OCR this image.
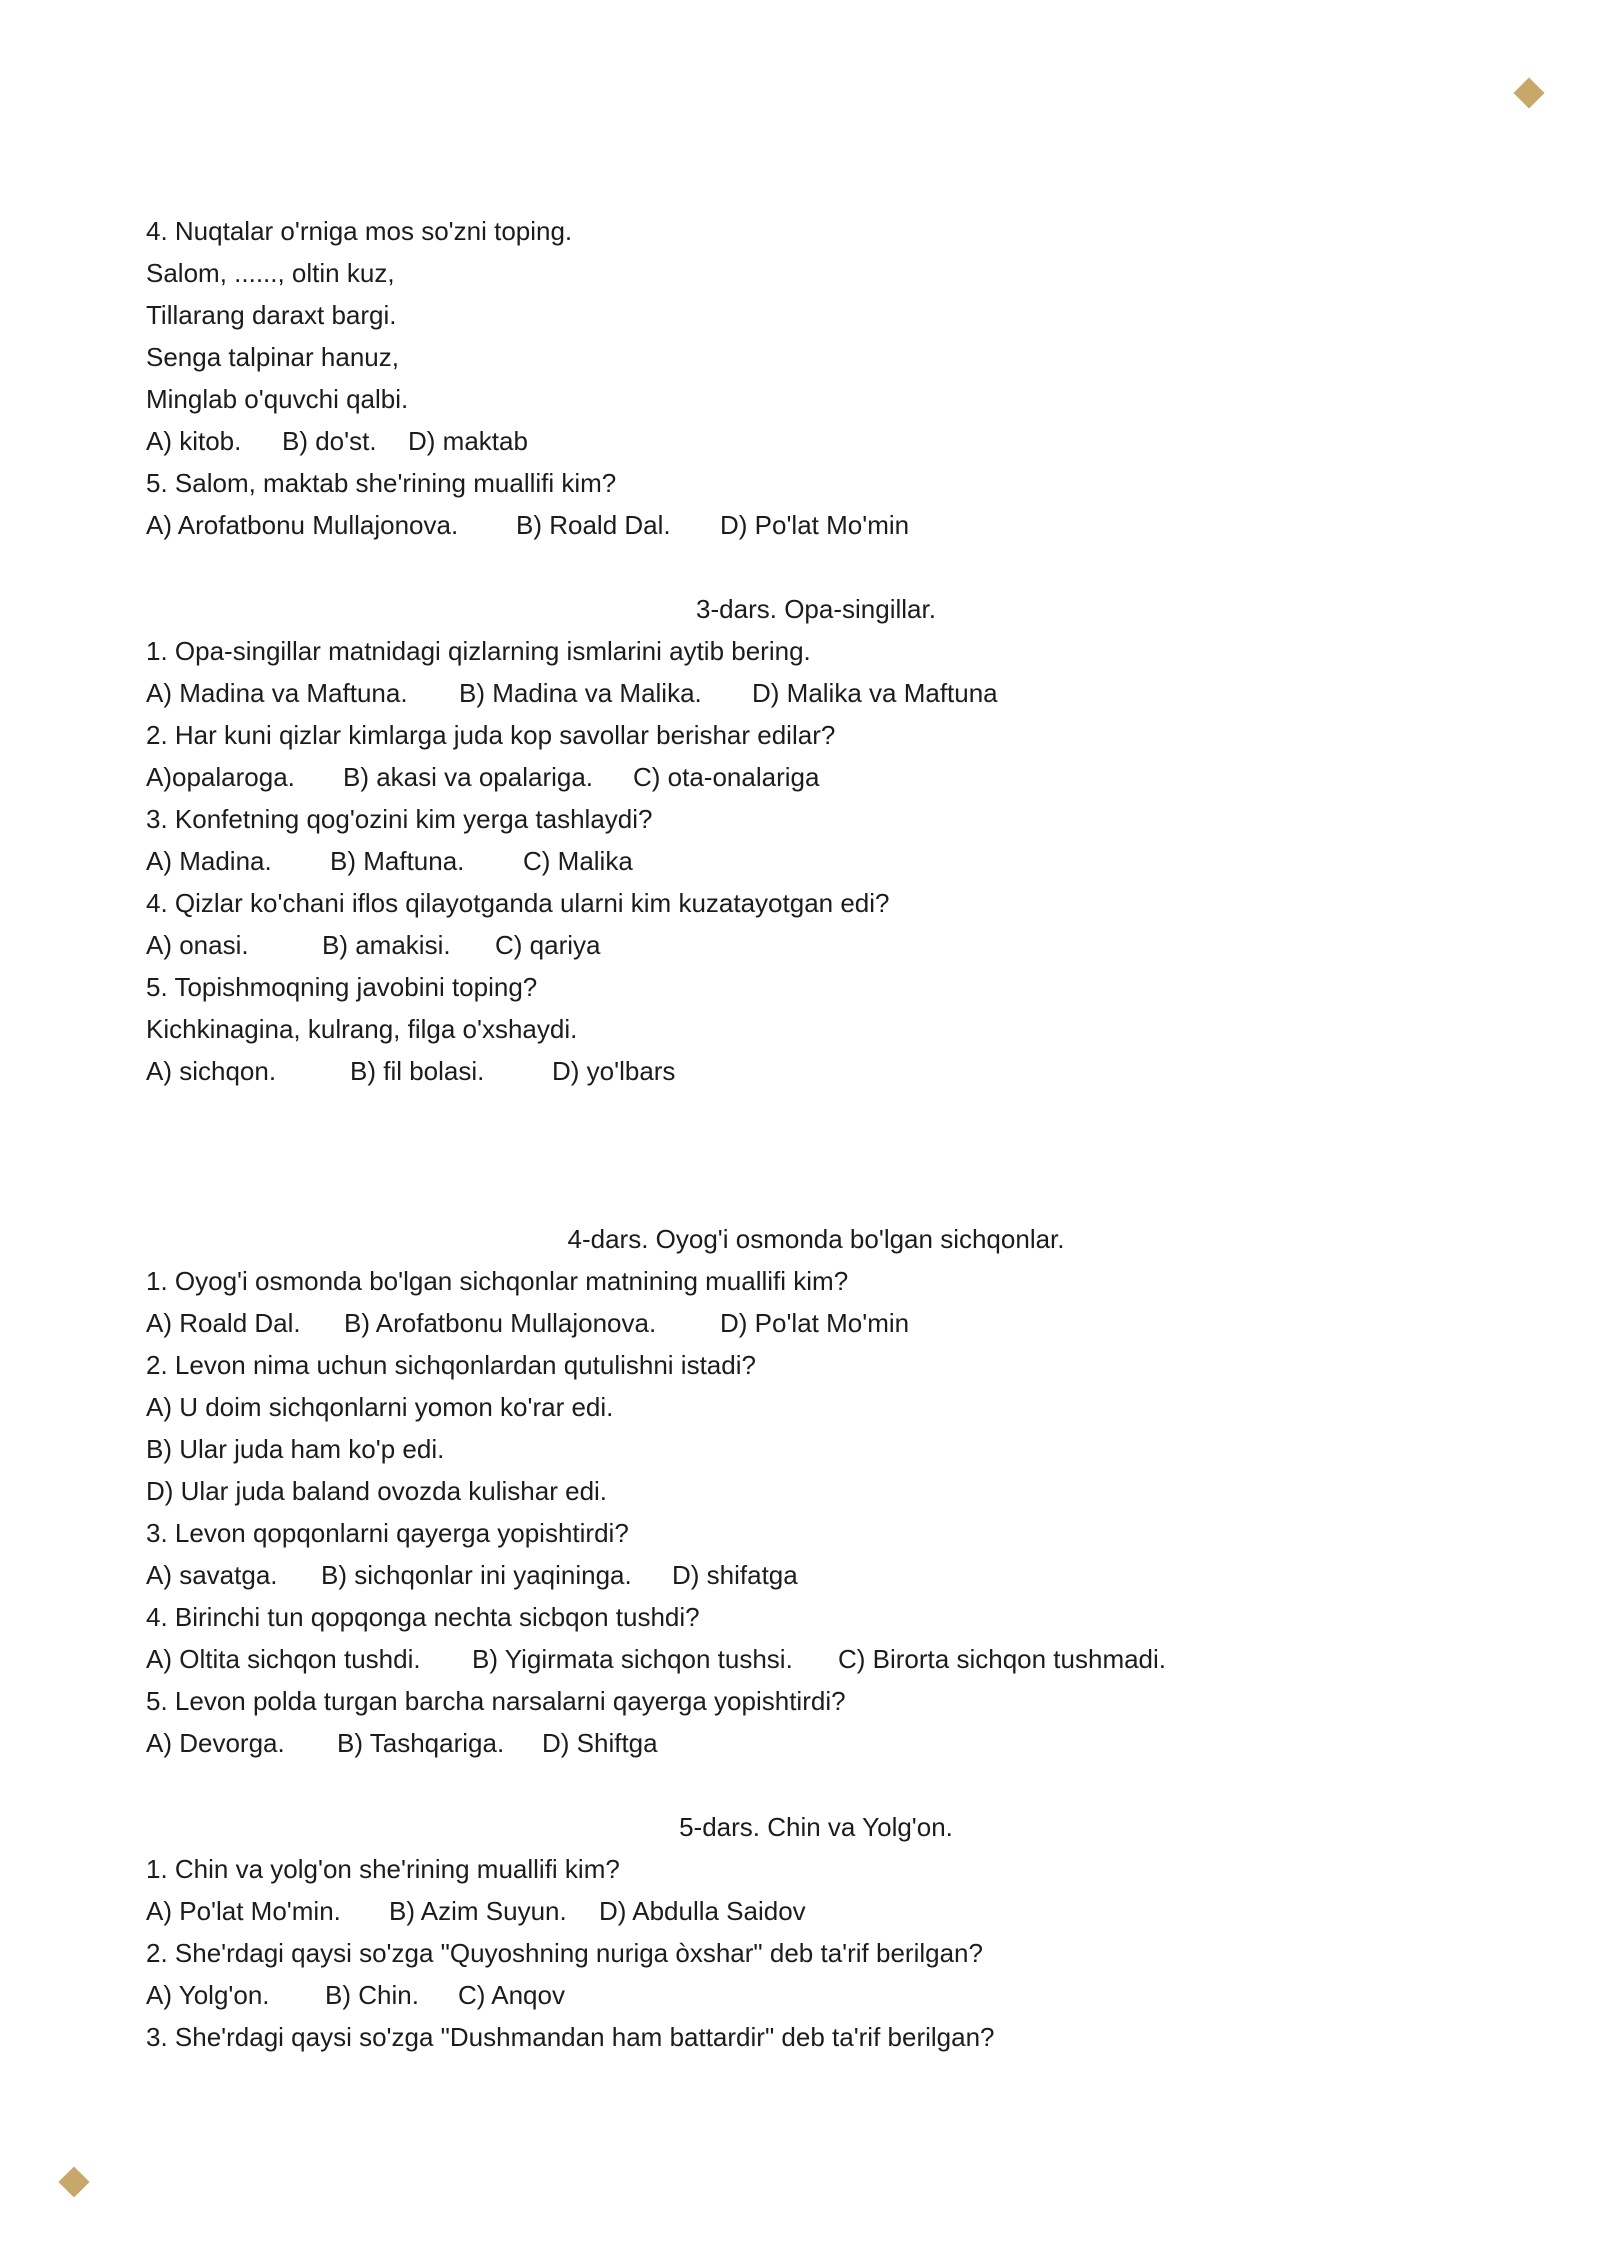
4. Nuqtalar o'rniga mos so'zni toping.
Salom, ......, oltin kuz,
Tillarang daraxt bargi.
Senga talpinar hanuz,
Minglab o'quvchi qalbi.
A) kitob. B) do'st. D) maktab
5. Salom, maktab she'rining muallifi kim?
A) Arofatbonu Mullajonova. B) Roald Dal. D) Po'lat Mo'min
3-dars. Opa-singillar.
1. Opa-singillar matnidagi qizlarning ismlarini aytib bering.
A) Madina va Maftuna. B) Madina va Malika. D) Malika va Maftuna
2. Har kuni qizlar kimlarga juda kop savollar berishar edilar?
A)opalaroga. B) akasi va opalariga. C) ota-onalariga
3. Konfetning qog'ozini kim yerga tashlaydi?
A) Madina. B) Maftuna. C) Malika
4. Qizlar ko'chani iflos qilayotganda ularni kim kuzatayotgan edi?
A) onasi.	B) amakisi. C) qariya
5. Topishmoqning javobini toping?
Kichkinagina, kulrang, filga o'xshaydi.
A) sichqon.	B) fil bolasi.	D) yo'lbars
4-dars. Oyog'i osmonda bo'lgan sichqonlar.
1. Oyog'i osmonda bo'lgan sichqonlar matnining muallifi kim?
A) Roald Dal. B) Arofatbonu Mullajonova. D) Po'lat Mo'min
2. Levon nima uchun sichqonlardan qutulishni istadi?
A) U doim sichqonlarni yomon ko'rar edi.
B) Ular juda ham ko'p edi.
D) Ular juda baland ovozda kulishar edi.
3. Levon qopqonlarni qayerga yopishtirdi?
A) savatga. B) sichqonlar ini yaqininga. D) shifatga
4. Birinchi tun qopqonga nechta sicbqon tushdi?
A) Oltita sichqon tushdi. B) Yigirmata sichqon tushsi. C) Birorta sichqon tushmadi.
5. Levon polda turgan barcha narsalarni qayerga yopishtirdi?
A) Devorga. B) Tashqariga. D) Shiftga
5-dars. Chin va Yolg'on.
1. Chin va yolg'on she'rining muallifi kim?
A) Po'lat Mo'min. B) Azim Suyun. D) Abdulla Saidov
2. She'rdagi qaysi so'zga "Quyoshning nuriga òxshar" deb ta'rif berilgan?
A) Yolg'on. B) Chin. C) Anqov
3. She'rdagi qaysi so'zga "Dushmandan ham battardir" deb ta'rif berilgan?
